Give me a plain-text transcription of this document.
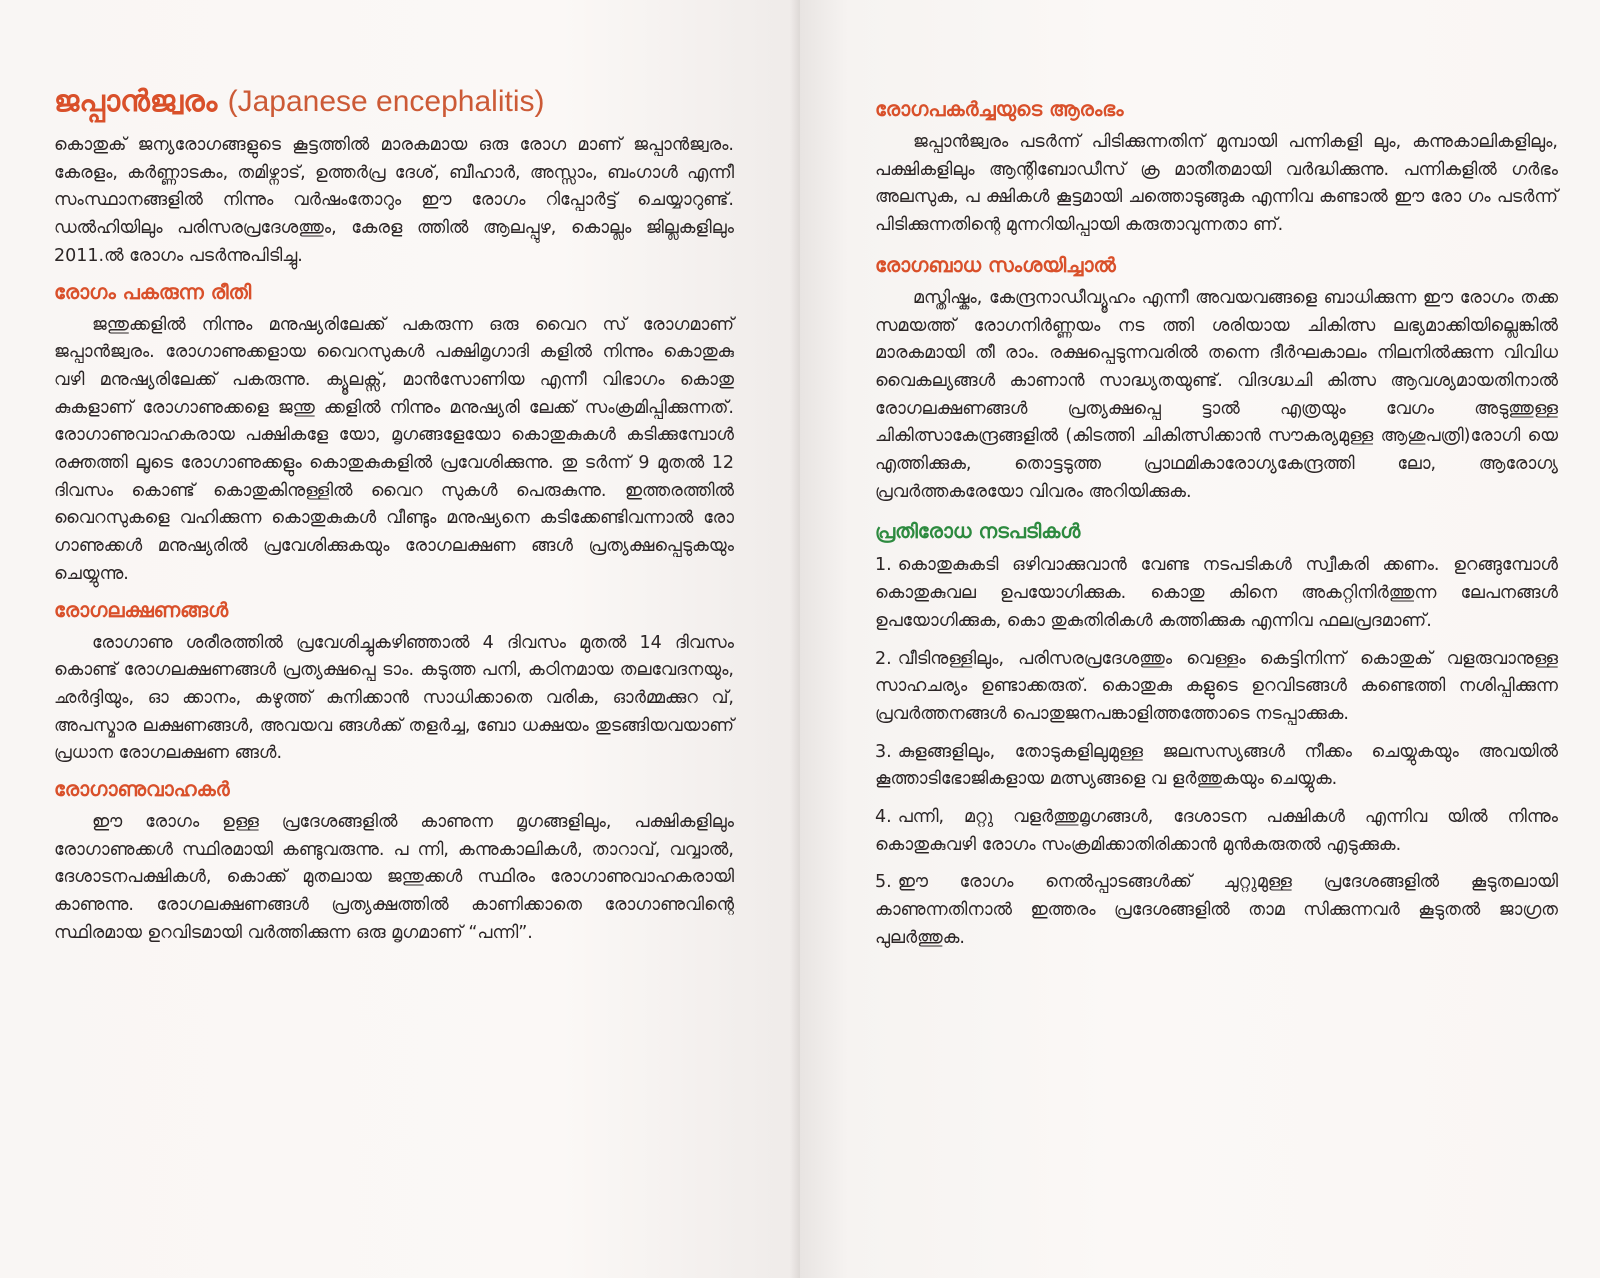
ജപ്പാൻജ്വരം (Japanese encephalitis)

കൊതുക് ജന്യരോഗങ്ങളുടെ കൂട്ടത്തിൽ മാരകമായ ഒരു രോഗ മാണ് ജപ്പാൻജ്വരം. കേരളം, കർണ്ണാടകം, തമിഴ്നാട്, ഉത്തർപ്ര ദേശ്, ബീഹാർ, അസ്സാം, ബംഗാൾ എന്നീ സംസ്ഥാനങ്ങളിൽ നിന്നും വർഷംതോറും ഈ രോഗം റിപ്പോർട്ട് ചെയ്യാറുണ്ട്. ഡൽഹിയിലും പരിസരപ്രദേശത്തും, കേരള ത്തിൽ ആലപ്പുഴ, കൊല്ലം ജില്ലകളിലും 2011.ൽ രോഗം പടർന്നുപിടിച്ചു.

രോഗം പകരുന്ന രീതി

ജന്തുക്കളിൽ നിന്നും മനുഷ്യരിലേക്ക് പകരുന്ന ഒരു വൈറ സ് രോഗമാണ് ജപ്പാൻജ്വരം. രോഗാണുക്കളായ വൈറസുകൾ പക്ഷിമൃഗാദി കളിൽ നിന്നും കൊതുകു വഴി മനുഷ്യരിലേക്ക് പകരുന്നു. ക്യൂലക്സ്, മാൻസോണിയ എന്നീ വിഭാഗം കൊതു കുകളാണ് രോഗാണുക്കളെ ജന്തു ക്കളിൽ നിന്നും മനുഷ്യരി ലേക്ക് സംക്രമിപ്പിക്കുന്നത്. രോഗാണുവാഹകരായ പക്ഷികളേ യോ, മൃഗങ്ങളേയോ കൊതുകുകൾ കടിക്കുമ്പോൾ രക്തത്തി ലൂടെ രോഗാണുക്കളും കൊതുകുകളിൽ പ്രവേശിക്കുന്നു. തു ടർന്ന് 9 മുതൽ 12 ദിവസം കൊണ്ട് കൊതുകിനുള്ളിൽ വൈറ സുകൾ പെരുകുന്നു. ഇത്തരത്തിൽ വൈറസുകളെ വഹിക്കുന്ന കൊതുകുകൾ വീണ്ടും മനുഷ്യനെ കടിക്കേണ്ടിവന്നാൽ രോ ഗാണുക്കൾ മനുഷ്യരിൽ പ്രവേശിക്കുകയും രോഗലക്ഷണ ങ്ങൾ പ്രത്യക്ഷപ്പെടുകയും ചെയ്യുന്നു.

രോഗലക്ഷണങ്ങൾ

രോഗാണു ശരീരത്തിൽ പ്രവേശിച്ചുകഴിഞ്ഞാൽ 4 ദിവസം മുതൽ 14 ദിവസം കൊണ്ട് രോഗലക്ഷണങ്ങൾ പ്രത്യക്ഷപ്പെ ടാം. കടുത്ത പനി, കഠിനമായ തലവേദനയും, ഛർദ്ദിയും, ഓ ക്കാനം, കഴുത്ത് കുനിക്കാൻ സാധിക്കാതെ വരിക, ഓർമ്മക്കുറ വ്, അപസ്മാര ലക്ഷണങ്ങൾ, അവയവ ങ്ങൾക്ക് തളർച്ച, ബോ ധക്ഷയം തുടങ്ങിയവയാണ് പ്രധാന രോഗലക്ഷണ ങ്ങൾ.

രോഗാണുവാഹകർ

ഈ രോഗം ഉള്ള പ്രദേശങ്ങളിൽ കാണുന്ന മൃഗങ്ങളിലും, പക്ഷികളിലും രോഗാണുക്കൾ സ്ഥിരമായി കണ്ടുവരുന്നു. പ ന്നി, കന്നുകാലികൾ, താറാവ്, വവ്വാൽ, ദേശാടനപക്ഷികൾ, കൊക്ക് മുതലായ ജന്തുക്കൾ സ്ഥിരം രോഗാണുവാഹകരായി കാണുന്നു. രോഗലക്ഷണങ്ങൾ പ്രത്യക്ഷത്തിൽ കാണിക്കാതെ രോഗാണുവിന്റെ സ്ഥിരമായ ഉറവിടമായി വർത്തിക്കുന്ന ഒരു മൃഗമാണ് “പന്നി”.

രോഗപകർച്ചയുടെ ആരംഭം

ജപ്പാൻജ്വരം പടർന്ന് പിടിക്കുന്നതിന് മുമ്പായി പന്നികളി ലും, കന്നുകാലികളിലും, പക്ഷികളിലും ആന്റിബോഡീസ് ക്ര മാതീതമായി വർദ്ധിക്കുന്നു. പന്നികളിൽ ഗർഭം അലസുക, പ ക്ഷികൾ കൂട്ടമായി ചത്തൊടുങ്ങുക എന്നിവ കണ്ടാൽ ഈ രോ ഗം പടർന്ന് പിടിക്കുന്നതിന്റെ മുന്നറിയിപ്പായി കരുതാവുന്നതാ ണ്.

രോഗബാധ സംശയിച്ചാൽ

മസ്തിഷ്കം, കേന്ദ്രനാഡീവ്യൂഹം എന്നീ അവയവങ്ങളെ ബാധിക്കുന്ന ഈ രോഗം തക്ക സമയത്ത് രോഗനിർണ്ണയം നട ത്തി ശരിയായ ചികിത്സ ലഭ്യമാക്കിയില്ലെങ്കിൽ മാരകമായി തീ രാം. രക്ഷപ്പെടുന്നവരിൽ തന്നെ ദീർഘകാലം നിലനിൽക്കുന്ന വിവിധ വൈകല്യങ്ങൾ കാണാൻ സാദ്ധ്യതയുണ്ട്. വിദഗ്ദ്ധചി കിത്സ ആവശ്യമായതിനാൽ രോഗലക്ഷണങ്ങൾ പ്രത്യക്ഷപ്പെ ട്ടാൽ എത്രയും വേഗം അടുത്തുള്ള ചികിത്സാകേന്ദ്രങ്ങളിൽ (കിടത്തി ചികിത്സിക്കാൻ സൗകര്യമുള്ള ആശുപത്രി)രോഗി യെ എത്തിക്കുക, തൊട്ടടുത്ത പ്രാഥമികാരോഗ്യകേന്ദ്രത്തി ലോ, ആരോഗ്യ പ്രവർത്തകരേയോ വിവരം അറിയിക്കുക.

പ്രതിരോധ നടപടികൾ
1. കൊതുകുകടി ഒഴിവാക്കുവാൻ വേണ്ട നടപടികൾ സ്വീകരി ക്കണം. ഉറങ്ങുമ്പോൾ കൊതുകുവല ഉപയോഗിക്കുക. കൊതു കിനെ അകറ്റിനിർത്തുന്ന ലേപനങ്ങൾ ഉപയോഗിക്കുക, കൊ തുകുതിരികൾ കത്തിക്കുക എന്നിവ ഫലപ്രദമാണ്.
2. വീടിനുള്ളിലും, പരിസരപ്രദേശത്തും വെള്ളം കെട്ടിനിന്ന് കൊതുക് വളരുവാനുള്ള സാഹചര്യം ഉണ്ടാക്കരുത്. കൊതുകു കളുടെ ഉറവിടങ്ങൾ കണ്ടെത്തി നശിപ്പിക്കുന്ന പ്രവർത്തനങ്ങൾ പൊതുജനപങ്കാളിത്തത്തോടെ നടപ്പാക്കുക.
3. കുളങ്ങളിലും, തോടുകളിലുമുള്ള ജലസസ്യങ്ങൾ നീക്കം ചെയ്യുകയും അവയിൽ കൂത്താടിഭോജികളായ മത്സ്യങ്ങളെ വ ളർത്തുകയും ചെയ്യുക.
4. പന്നി, മറ്റു വളർത്തുമൃഗങ്ങൾ, ദേശാടന പക്ഷികൾ എന്നിവ യിൽ നിന്നും കൊതുകുവഴി രോഗം സംക്രമിക്കാതിരിക്കാൻ മുൻകരുതൽ എടുക്കുക.
5. ഈ രോഗം നെൽപ്പാടങ്ങൾക്ക് ചുറ്റുമുള്ള പ്രദേശങ്ങളിൽ കൂടുതലായി കാണുന്നതിനാൽ ഇത്തരം പ്രദേശങ്ങളിൽ താമ സിക്കുന്നവർ കൂടുതൽ ജാഗ്രത പുലർത്തുക.
